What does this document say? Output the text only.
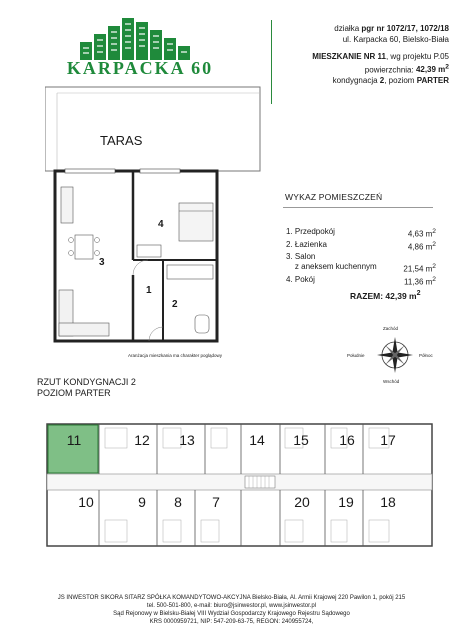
KARPACKA 60
działka pgr nr 1072/17, 1072/18
ul. Karpacka 60, Bielsko-Biała
MIESZKANIE NR 11, wg projektu P.05
powierzchnia: 42,39 $m^2$
kondygnacja 2, poziom PARTER
TARAS
1
2
3
4
Aranżacja mieszkania ma charakter poglądowy
WYKAZ POMIESZCZEŃ
1. Przedpokój	4,63 $m^2$
2. Łazienka	4,86 $m^2$
3. Salon
z aneksem kuchennym	21,54 $m^2$
4. Pokój	11,36 $m^2$
RAZEM: 42,39 $m^2$
Zachód
Wschód
Południe	Północ
RZUT KONDYGNACJI 2
POZIOM PARTER
11	12	13	14	15	16	17
10	9	8	7	20	19	18
JS INWESTOR SIKORA SITARZ SPÓŁKA KOMANDYTOWO-AKCYJNA Bielsko-Biała, Al. Armii Krajowej 220 Pawilon 1, pokój 215
tel. 500-501-800, e-mail: biuro@jsinwestor.pl, www.jsinwestor.pl
Sąd Rejonowy w Bielsku-Białej VIII Wydział Gospodarczy Krajowego Rejestru Sądowego
KRS 0000959721, NIP: 547-209-63-75, REGON: 240955724,
